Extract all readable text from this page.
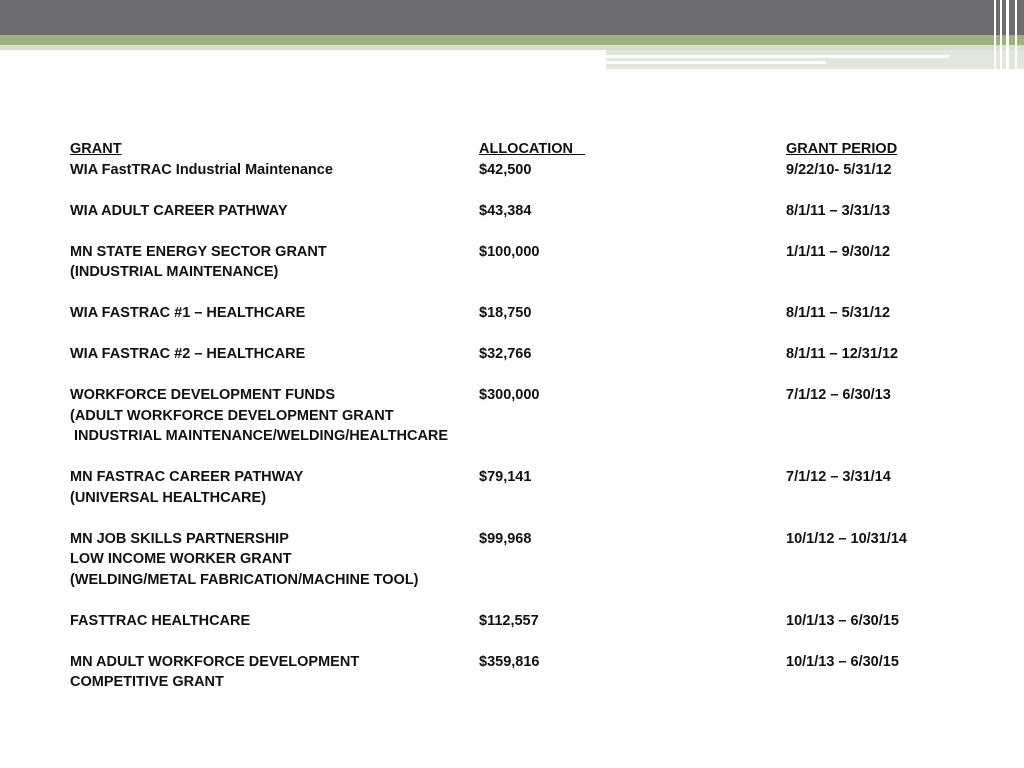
GRANT	ALLOCATION	GRANT PERIOD
WIA FastTRAC Industrial Maintenance	$42,500	9/22/10- 5/31/12
WIA ADULT CAREER PATHWAY	$43,384	8/1/11 – 3/31/13
MN STATE ENERGY SECTOR GRANT	$100,000	1/1/11 – 9/30/12
(INDUSTRIAL MAINTENANCE)
WIA FASTRAC #1 – HEALTHCARE	$18,750	8/1/11 – 5/31/12
WIA FASTRAC #2 – HEALTHCARE	$32,766	8/1/11 – 12/31/12
WORKFORCE DEVELOPMENT FUNDS	$300,000	7/1/12 – 6/30/13
(ADULT WORKFORCE DEVELOPMENT GRANT
INDUSTRIAL MAINTENANCE/WELDING/HEALTHCARE
MN FASTRAC CAREER PATHWAY	$79,141	7/1/12 – 3/31/14
(UNIVERSAL HEALTHCARE)
MN JOB SKILLS PARTNERSHIP	$99,968	10/1/12 – 10/31/14
LOW INCOME WORKER GRANT
(WELDING/METAL FABRICATION/MACHINE TOOL)
FASTTRAC HEALTHCARE	$112,557	10/1/13 – 6/30/15
MN ADULT WORKFORCE DEVELOPMENT	$359,816	10/1/13 – 6/30/15
COMPETITIVE GRANT
